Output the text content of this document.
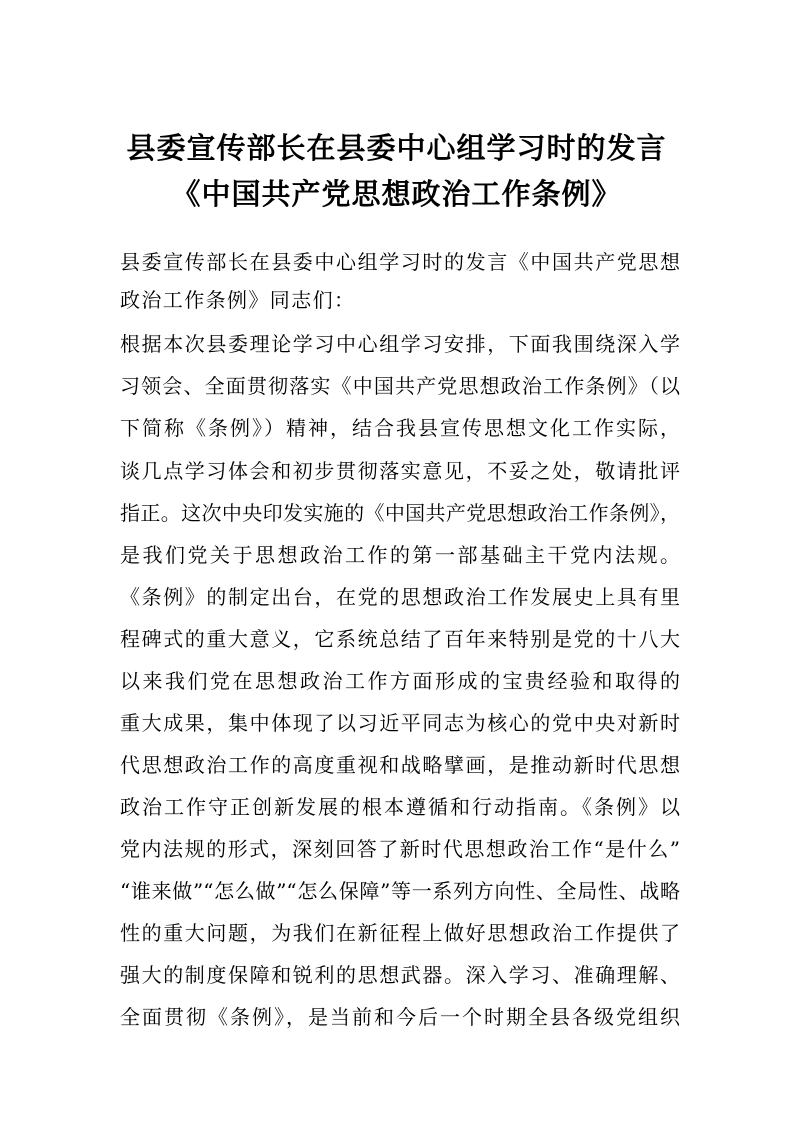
县委宣传部长在县委中心组学习时的发言
《中国共产党思想政治工作条例》
县委宣传部长在县委中心组学习时的发言《中国共产党思想
政治工作条例》同志们：
根据本次县委理论学习中心组学习安排，下面我围绕深入学
习领会、全面贯彻落实《中国共产党思想政治工作条例》（以
下简称《条例》）精神，结合我县宣传思想文化工作实际，
谈几点学习体会和初步贯彻落实意见，不妥之处，敬请批评
指正。这次中央印发实施的《中国共产党思想政治工作条例》，
是我们党关于思想政治工作的第一部基础主干党内法规。
《条例》的制定出台，在党的思想政治工作发展史上具有里
程碑式的重大意义，它系统总结了百年来特别是党的十八大
以来我们党在思想政治工作方面形成的宝贵经验和取得的
重大成果，集中体现了以习近平同志为核心的党中央对新时
代思想政治工作的高度重视和战略擘画，是推动新时代思想
政治工作守正创新发展的根本遵循和行动指南。《条例》以
党内法规的形式，深刻回答了新时代思想政治工作“是什么”
“谁来做”“怎么做”“怎么保障”等一系列方向性、全局性、战略
性的重大问题，为我们在新征程上做好思想政治工作提供了
强大的制度保障和锐利的思想武器。深入学习、准确理解、
全面贯彻《条例》，是当前和今后一个时期全县各级党组织
